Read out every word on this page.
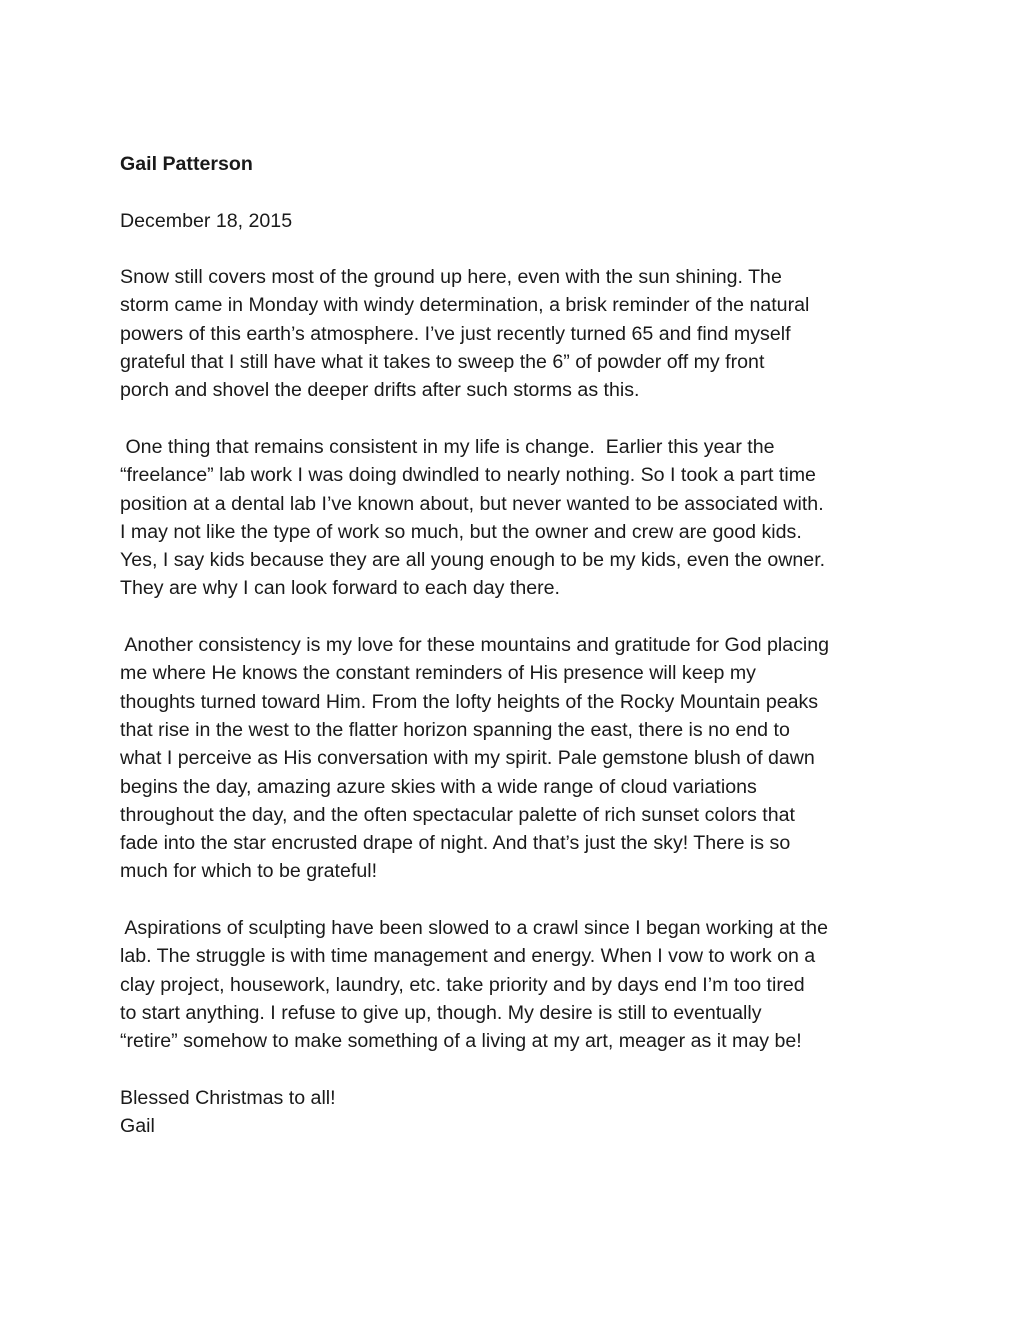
Gail Patterson
December 18, 2015
Snow still covers most of the ground up here, even with the sun shining. The
storm came in Monday with windy determination, a brisk reminder of the natural
powers of this earth’s atmosphere. I’ve just recently turned 65 and find myself
grateful that I still have what it takes to sweep the 6” of powder off my front
porch and shovel the deeper drifts after such storms as this.
One thing that remains consistent in my life is change.  Earlier this year the
“freelance” lab work I was doing dwindled to nearly nothing. So I took a part time
position at a dental lab I’ve known about, but never wanted to be associated with.
I may not like the type of work so much, but the owner and crew are good kids.
Yes, I say kids because they are all young enough to be my kids, even the owner.
They are why I can look forward to each day there.
Another consistency is my love for these mountains and gratitude for God placing
me where He knows the constant reminders of His presence will keep my
thoughts turned toward Him. From the lofty heights of the Rocky Mountain peaks
that rise in the west to the flatter horizon spanning the east, there is no end to
what I perceive as His conversation with my spirit. Pale gemstone blush of dawn
begins the day, amazing azure skies with a wide range of cloud variations
throughout the day, and the often spectacular palette of rich sunset colors that
fade into the star encrusted drape of night. And that’s just the sky! There is so
much for which to be grateful!
Aspirations of sculpting have been slowed to a crawl since I began working at the
lab. The struggle is with time management and energy. When I vow to work on a
clay project, housework, laundry, etc. take priority and by days end I’m too tired
to start anything. I refuse to give up, though. My desire is still to eventually
“retire” somehow to make something of a living at my art, meager as it may be!
Blessed Christmas to all!
Gail
